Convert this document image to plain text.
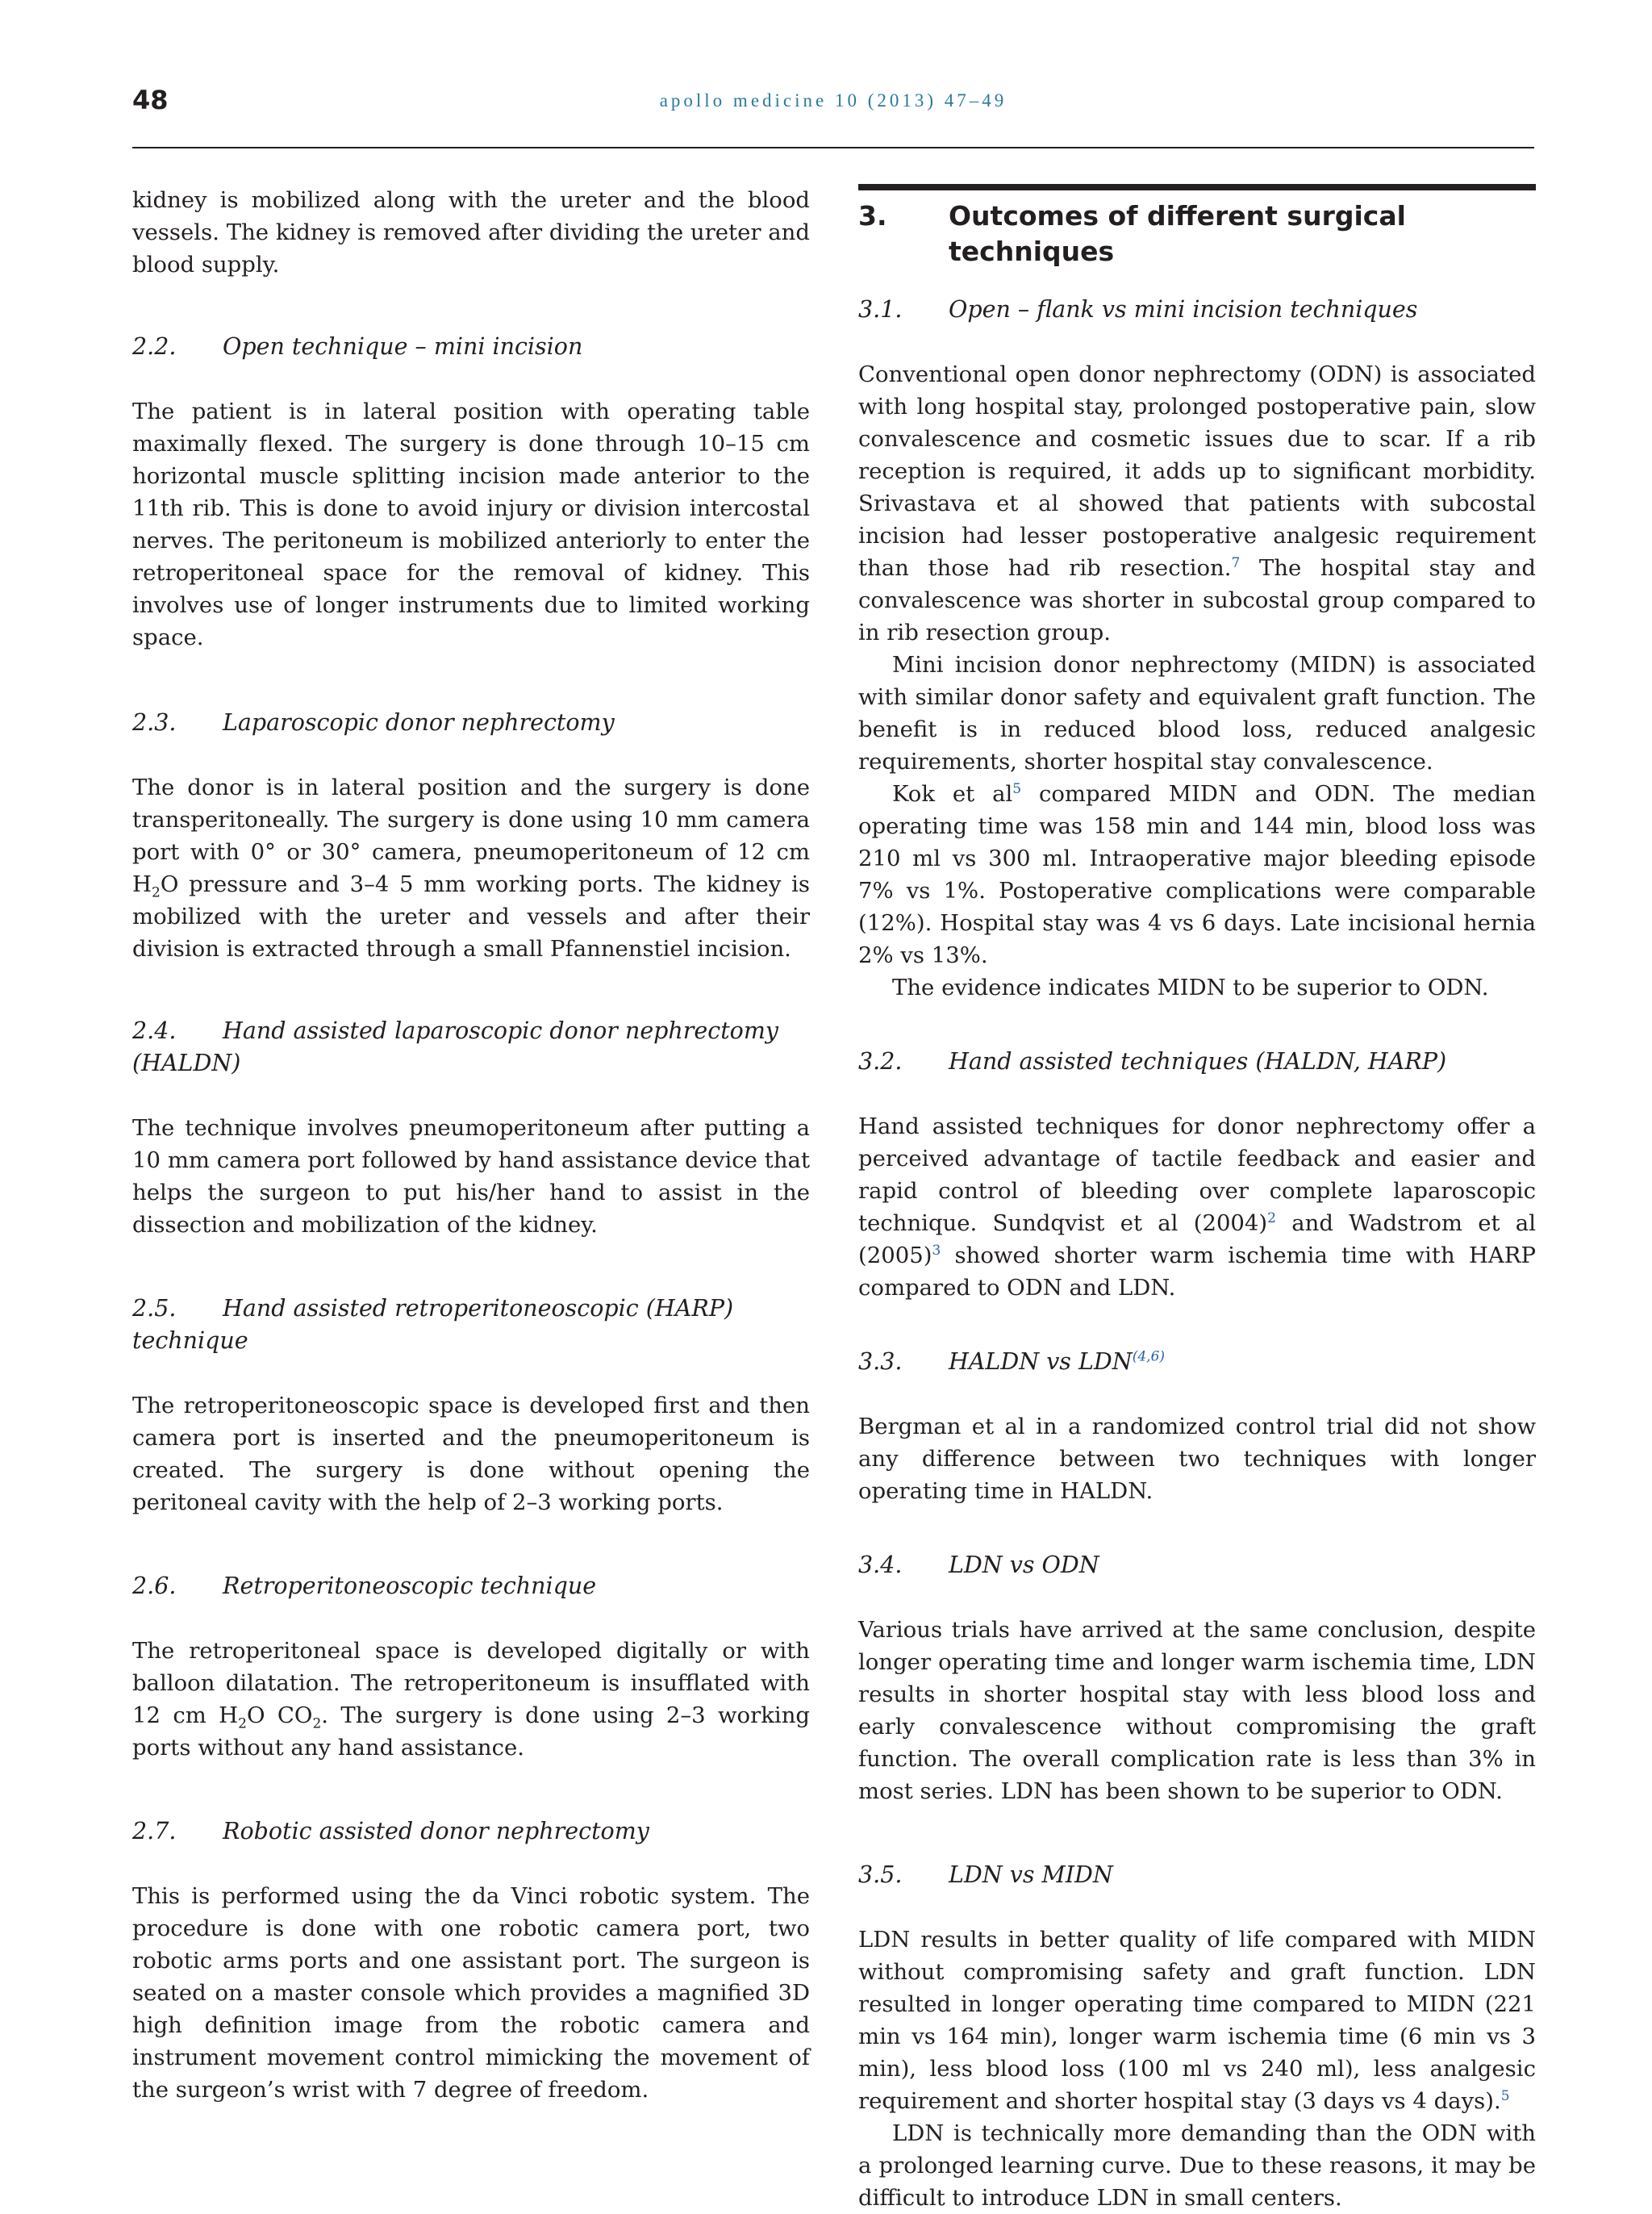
48	apollo medicine 10 (2013) 47–49

kidney is mobilized along with the ureter and the blood vessels. The kidney is removed after dividing the ureter and blood supply.

2.2.	Open technique – mini incision

The patient is in lateral position with operating table maximally flexed. The surgery is done through 10–15 cm horizontal muscle splitting incision made anterior to the 11th rib. This is done to avoid injury or division intercostal nerves. The peritoneum is mobilized anteriorly to enter the retroperitoneal space for the removal of kidney. This involves use of longer instruments due to limited working space.

2.3.	Laparoscopic donor nephrectomy

The donor is in lateral position and the surgery is done transperitoneally. The surgery is done using 10 mm camera port with 0° or 30° camera, pneumoperitoneum of 12 cm $H_2O$ pressure and 3–4 5 mm working ports. The kidney is mobilized with the ureter and vessels and after their division is extracted through a small Pfannenstiel incision.

2.4. Hand assisted laparoscopic donor nephrectomy (HALDN)

The technique involves pneumoperitoneum after putting a 10 mm camera port followed by hand assistance device that helps the surgeon to put his/her hand to assist in the dissection and mobilization of the kidney.

2.5. Hand assisted retroperitoneoscopic (HARP) technique

The retroperitoneoscopic space is developed first and then camera port is inserted and the pneumoperitoneum is created. The surgery is done without opening the peritoneal cavity with the help of 2–3 working ports.

2.6.	Retroperitoneoscopic technique

The retroperitoneal space is developed digitally or with balloon dilatation. The retroperitoneum is insufflated with 12 cm $H_2O$ $CO_2$. The surgery is done using 2–3 working ports without any hand assistance.

2.7.	Robotic assisted donor nephrectomy

This is performed using the da Vinci robotic system. The procedure is done with one robotic camera port, two robotic arms ports and one assistant port. The surgeon is seated on a master console which provides a magnified 3D high definition image from the robotic camera and instrument movement control mimicking the movement of the surgeon’s wrist with 7 degree of freedom.

3.	Outcomes of different surgical techniques
3.1.	Open – flank vs mini incision techniques

Conventional open donor nephrectomy (ODN) is associated with long hospital stay, prolonged postoperative pain, slow convalescence and cosmetic issues due to scar. If a rib reception is required, it adds up to significant morbidity. Srivastava et al showed that patients with subcostal incision had lesser postoperative analgesic requirement than those had rib resection.$^7$ The hospital stay and convalescence was shorter in subcostal group compared to in rib resection group.

Mini incision donor nephrectomy (MIDN) is associated with similar donor safety and equivalent graft function. The benefit is in reduced blood loss, reduced analgesic requirements, shorter hospital stay convalescence.

Kok et $al^5$ compared MIDN and ODN. The median operating time was 158 min and 144 min, blood loss was 210 ml vs 300 ml. Intraoperative major bleeding episode 7% vs 1%. Postoperative complications were comparable (12%). Hospital stay was 4 vs 6 days. Late incisional hernia 2% vs 13%.

The evidence indicates MIDN to be superior to ODN.

3.2.	Hand assisted techniques (HALDN, HARP)

Hand assisted techniques for donor nephrectomy offer a perceived advantage of tactile feedback and easier and rapid control of bleeding over complete laparoscopic technique. Sundqvist et al $(2004)^2$ and Wadstrom et al $(2005)^3$ showed shorter warm ischemia time with HARP compared to ODN and LDN.

3.3.	HALDN vs LDN$^{(4,6)}$

Bergman et al in a randomized control trial did not show any difference between two techniques with longer operating time in HALDN.

3.4.	LDN vs ODN

Various trials have arrived at the same conclusion, despite longer operating time and longer warm ischemia time, LDN results in shorter hospital stay with less blood loss and early convalescence without compromising the graft function. The overall complication rate is less than 3% in most series. LDN has been shown to be superior to ODN.

3.5.	LDN vs MIDN

LDN results in better quality of life compared with MIDN without compromising safety and graft function. LDN resulted in longer operating time compared to MIDN (221 min vs 164 min), longer warm ischemia time (6 min vs 3 min), less blood loss (100 ml vs 240 ml), less analgesic requirement and shorter hospital stay (3 days vs 4 days).$^5$

LDN is technically more demanding than the ODN with a prolonged learning curve. Due to these reasons, it may be difficult to introduce LDN in small centers.
